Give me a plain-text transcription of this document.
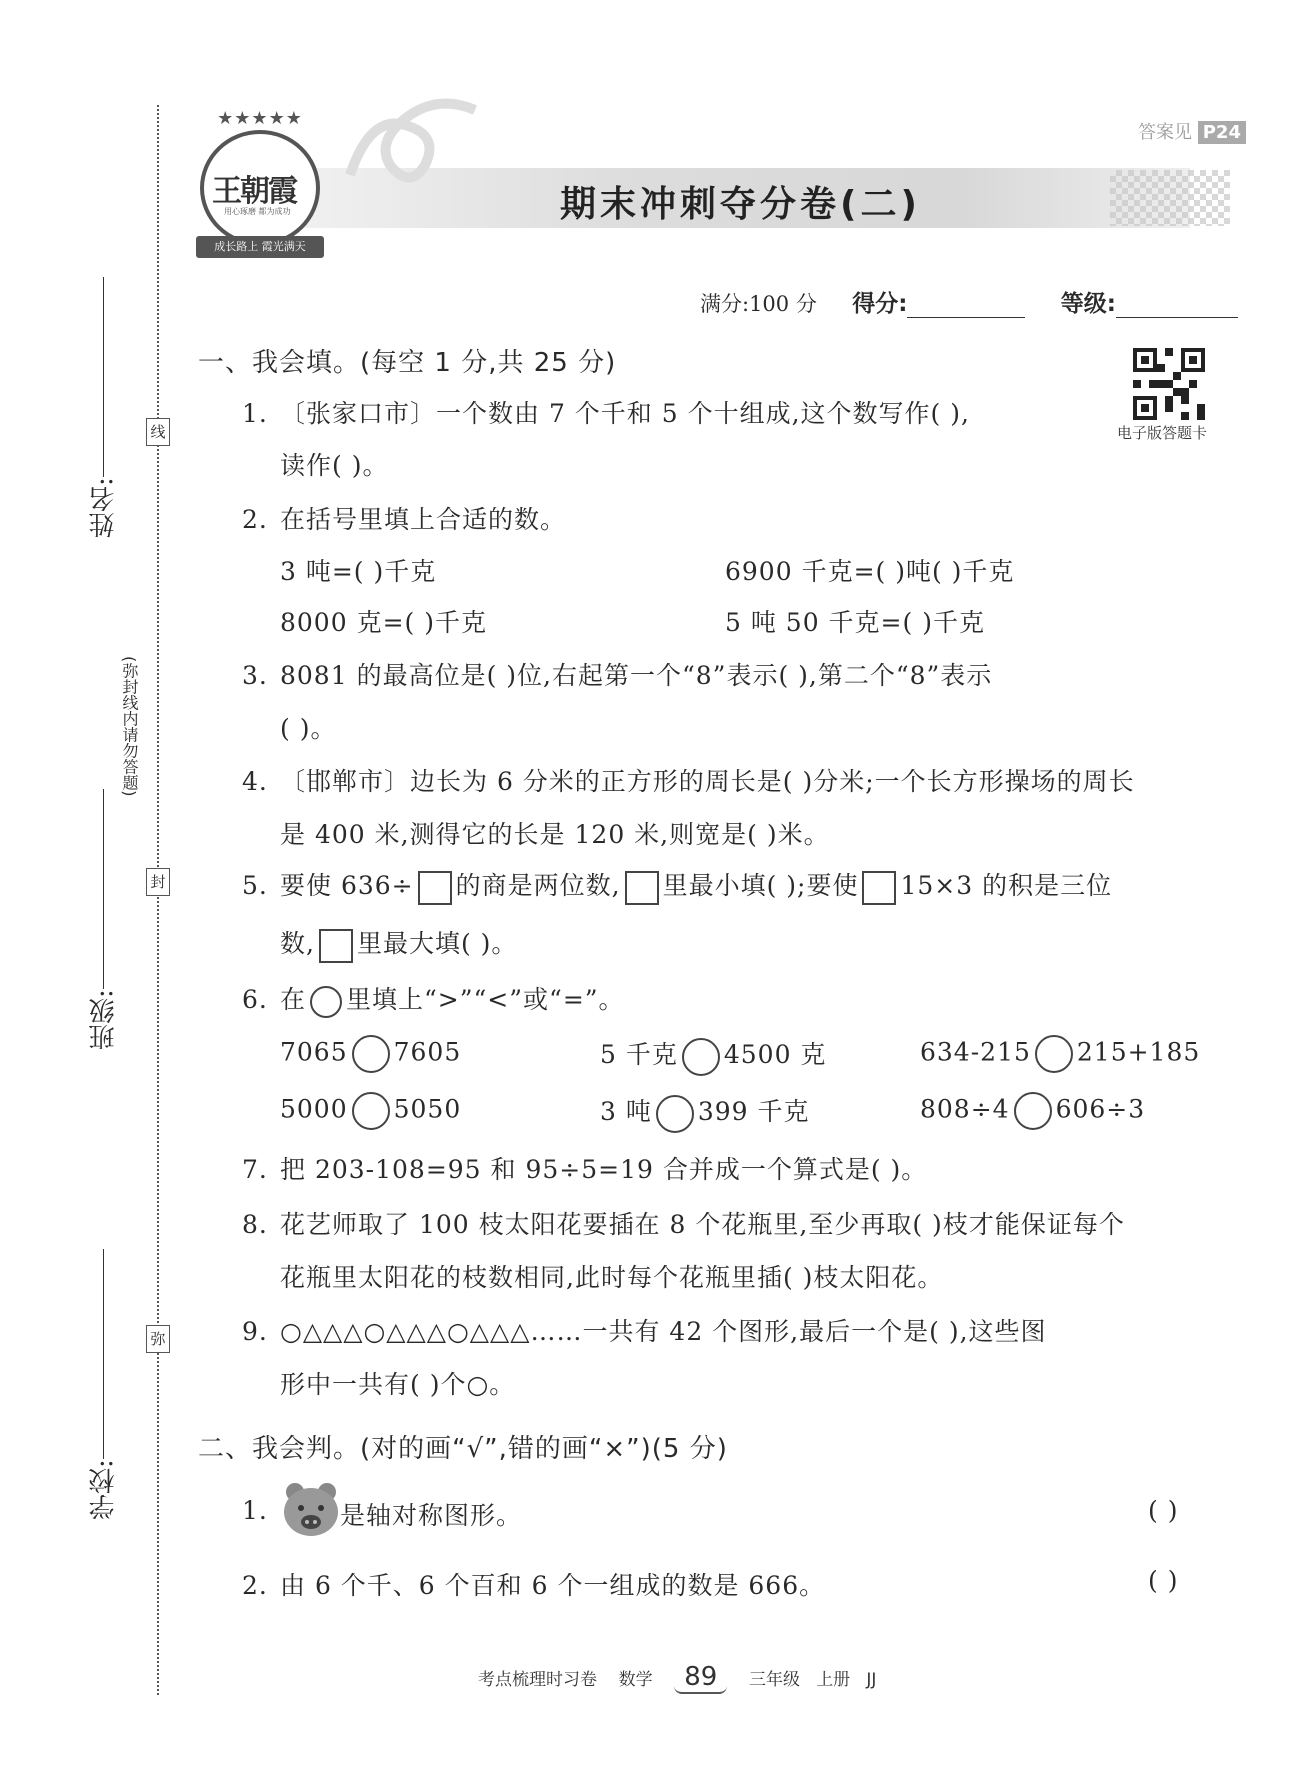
线
封
弥
(弥封线内请勿答题)
姓名:
班级:
学校:
答案见 P24
期末冲刺夺分卷(二)
★★★★★
王朝霞
用心琢磨 都为成功
成长路上 霞光满天
满分:100 分 得分:	等级:
电子版答题卡
一、我会填。(每空 1 分,共 25 分)
1. 〔张家口市〕一个数由 7 个千和 5 个十组成,这个数写作( ),
读作( )。
2. 在括号里填上合适的数。
3 吨=( )千克	6900 千克=( )吨( )千克
8000 克=( )千克	5 吨 50 千克=( )千克
3. 8081 的最高位是( )位,右起第一个“8”表示( ),第二个“8”表示
( )。
4. 〔邯郸市〕边长为 6 分米的正方形的周长是( )分米;一个长方形操场的周长
是 400 米,测得它的长是 120 米,则宽是( )米。
5. 要使 636÷ 的商是两位数, 里最小填( );要使 15×3 的积是三位
数, 里最大填( )。
6. 在 里填上“>”“<”或“=”。
7065 7605	5 千克 4500 克	634-215 215+185
5000 5050	3 吨 399 千克	808÷4 606÷3
7. 把 203-108=95 和 95÷5=19 合并成一个算式是( )。
8. 花艺师取了 100 枝太阳花要插在 8 个花瓶里,至少再取( )枝才能保证每个
花瓶里太阳花的枝数相同,此时每个花瓶里插( )枝太阳花。
9. ○△△△○△△△○△△△……一共有 42 个图形,最后一个是( ),这些图
形中一共有( )个○。
二、我会判。(对的画“√”,错的画“×”)(5 分)
1.	是轴对称图形。	( )
2. 由 6 个千、6 个百和 6 个一组成的数是 666。	( )
考点梳理时习卷 数学 89 三年级 上册 JJ
